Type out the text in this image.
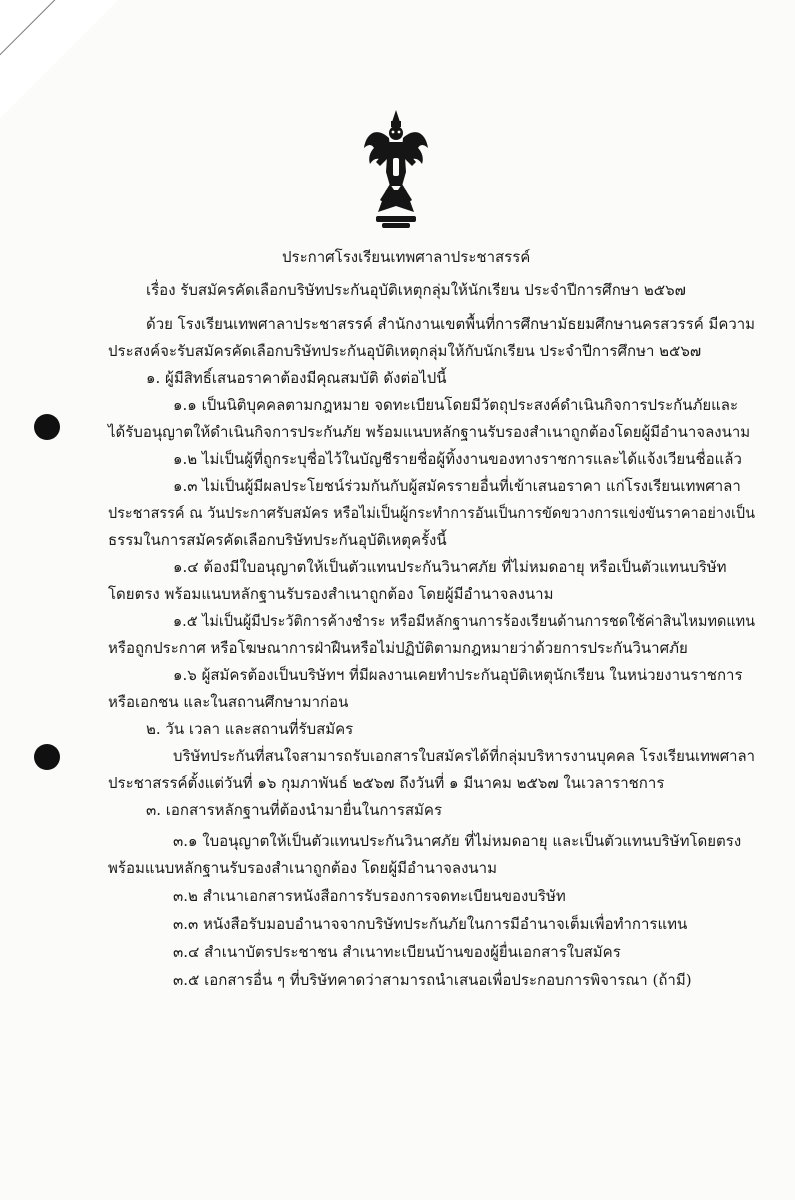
ประกาศโรงเรียนเทพศาลาประชาสรรค์
เรื่อง รับสมัครคัดเลือกบริษัทประกันอุบัติเหตุกลุ่มให้นักเรียน ประจำปีการศึกษา ๒๕๖๗
ด้วย โรงเรียนเทพศาลาประชาสรรค์ สำนักงานเขตพื้นที่การศึกษามัธยมศึกษานครสวรรค์ มีความ
ประสงค์จะรับสมัครคัดเลือกบริษัทประกันอุบัติเหตุกลุ่มให้กับนักเรียน ประจำปีการศึกษา ๒๕๖๗
๑. ผู้มีสิทธิ์เสนอราคาต้องมีคุณสมบัติ ดังต่อไปนี้
๑.๑ เป็นนิติบุคคลตามกฎหมาย จดทะเบียนโดยมีวัตถุประสงค์ดำเนินกิจการประกันภัยและ
ได้รับอนุญาตให้ดำเนินกิจการประกันภัย พร้อมแนบหลักฐานรับรองสำเนาถูกต้องโดยผู้มีอำนาจลงนาม
๑.๒ ไม่เป็นผู้ที่ถูกระบุชื่อไว้ในบัญชีรายชื่อผู้ทิ้งงานของทางราชการและได้แจ้งเวียนชื่อแล้ว
๑.๓ ไม่เป็นผู้มีผลประโยชน์ร่วมกันกับผู้สมัครรายอื่นที่เข้าเสนอราคา แก่โรงเรียนเทพศาลา
ประชาสรรค์ ณ วันประกาศรับสมัคร หรือไม่เป็นผู้กระทำการอันเป็นการขัดขวางการแข่งขันราคาอย่างเป็น
ธรรมในการสมัครคัดเลือกบริษัทประกันอุบัติเหตุครั้งนี้
๑.๔ ต้องมีใบอนุญาตให้เป็นตัวแทนประกันวินาศภัย ที่ไม่หมดอายุ หรือเป็นตัวแทนบริษัท
โดยตรง พร้อมแนบหลักฐานรับรองสำเนาถูกต้อง โดยผู้มีอำนาจลงนาม
๑.๕ ไม่เป็นผู้มีประวัติการค้างชำระ หรือมีหลักฐานการร้องเรียนด้านการชดใช้ค่าสินไหมทดแทน
หรือถูกประกาศ หรือโฆษณาการฝ่าฝืนหรือไม่ปฏิบัติตามกฎหมายว่าด้วยการประกันวินาศภัย
๑.๖ ผู้สมัครต้องเป็นบริษัทฯ ที่มีผลงานเคยทำประกันอุบัติเหตุนักเรียน ในหน่วยงานราชการ
หรือเอกชน และในสถานศึกษามาก่อน
๒. วัน เวลา และสถานที่รับสมัคร
บริษัทประกันที่สนใจสามารถรับเอกสารใบสมัครได้ที่กลุ่มบริหารงานบุคคล โรงเรียนเทพศาลา
ประชาสรรค์ตั้งแต่วันที่ ๑๖ กุมภาพันธ์ ๒๕๖๗ ถึงวันที่ ๑ มีนาคม ๒๕๖๗ ในเวลาราชการ
๓. เอกสารหลักฐานที่ต้องนำมายื่นในการสมัคร
๓.๑ ใบอนุญาตให้เป็นตัวแทนประกันวินาศภัย ที่ไม่หมดอายุ และเป็นตัวแทนบริษัทโดยตรง
พร้อมแนบหลักฐานรับรองสำเนาถูกต้อง โดยผู้มีอำนาจลงนาม
๓.๒ สำเนาเอกสารหนังสือการรับรองการจดทะเบียนของบริษัท
๓.๓ หนังสือรับมอบอำนาจจากบริษัทประกันภัยในการมีอำนาจเต็มเพื่อทำการแทน
๓.๔ สำเนาบัตรประชาชน สำเนาทะเบียนบ้านของผู้ยื่นเอกสารใบสมัคร
๓.๕ เอกสารอื่น ๆ ที่บริษัทคาดว่าสามารถนำเสนอเพื่อประกอบการพิจารณา (ถ้ามี)
